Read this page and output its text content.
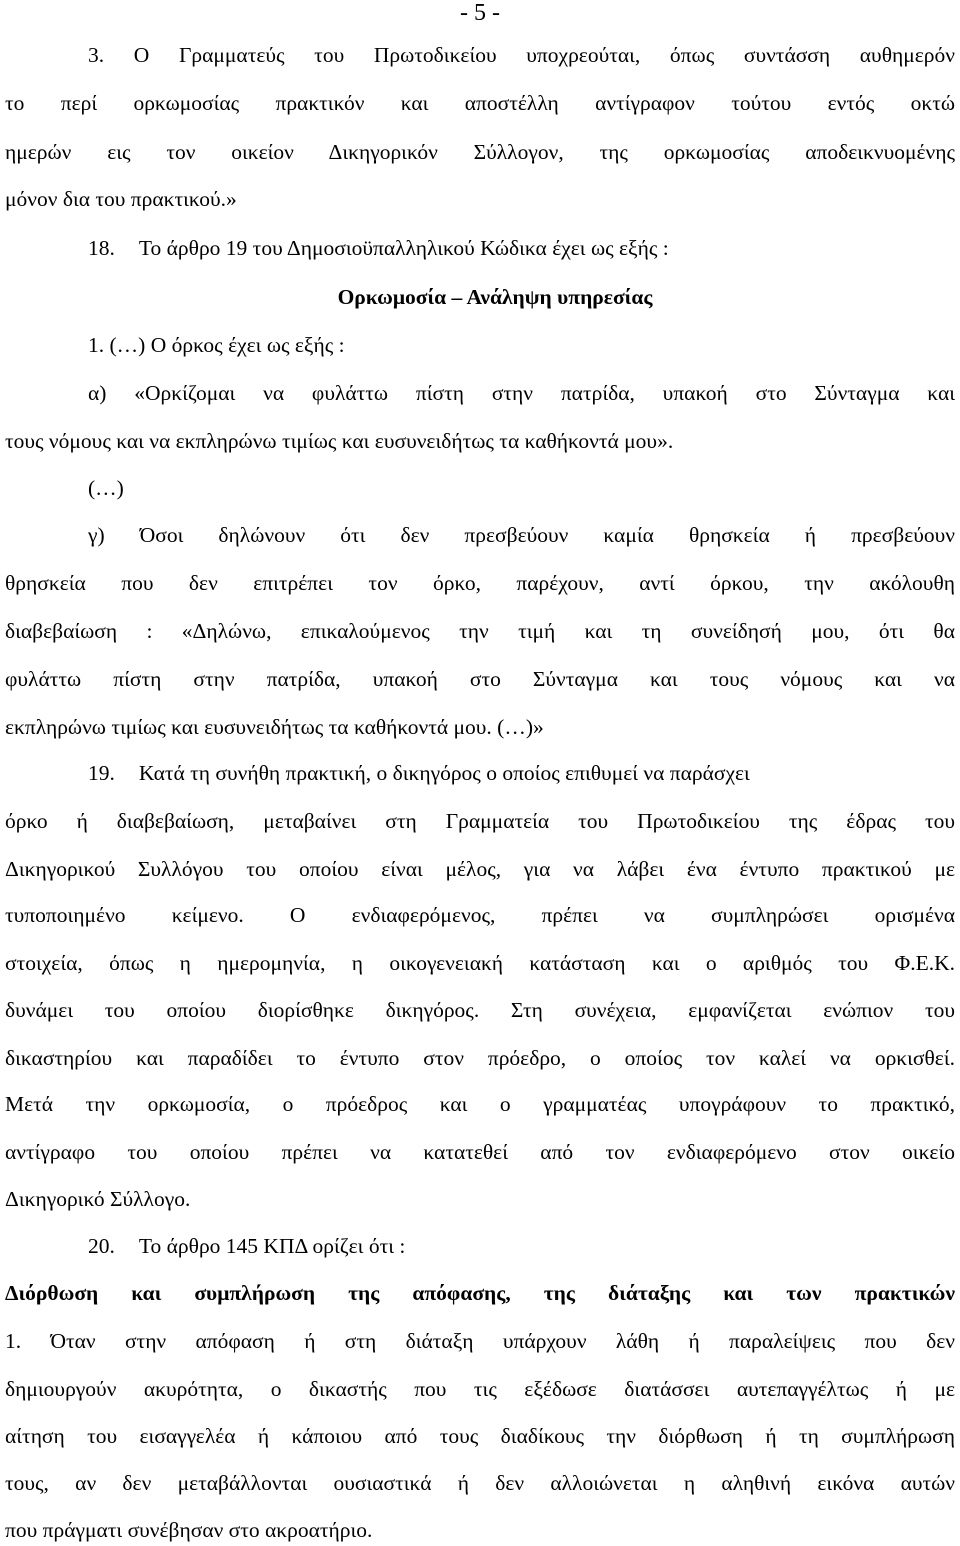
- 5 -
3. Ο Γραμματεύς του Πρωτοδικείου υποχρεούται, όπως συντάσση αυθημερόν
το περί ορκωμοσίας πρακτικόν και αποστέλλη αντίγραφον τούτου εντός οκτώ
ημερών εις τον οικείον Δικηγορικόν Σύλλογον, της ορκωμοσίας αποδεικνυομένης
μόνον δια του πρακτικού.»
18. Το άρθρο 19 του Δημοσιοϋπαλληλικού Κώδικα έχει ως εξής :
Ορκωμοσία – Ανάληψη υπηρεσίας
1. (…) Ο όρκος έχει ως εξής :
α) «Ορκίζομαι να φυλάττω πίστη στην πατρίδα, υπακοή στο Σύνταγμα και
τους νόμους και να εκπληρώνω τιμίως και ευσυνειδήτως τα καθήκοντά μου».
(…)
γ) Όσοι δηλώνουν ότι δεν πρεσβεύουν καμία θρησκεία ή πρεσβεύουν
θρησκεία που δεν επιτρέπει τον όρκο, παρέχουν, αντί όρκου, την ακόλουθη
διαβεβαίωση : «Δηλώνω, επικαλούμενος την τιμή και τη συνείδησή μου, ότι θα
φυλάττω πίστη στην πατρίδα, υπακοή στο Σύνταγμα και τους νόμους και να
εκπληρώνω τιμίως και ευσυνειδήτως τα καθήκοντά μου. (…)»
19. Κατά τη συνήθη πρακτική, ο δικηγόρος ο οποίος επιθυμεί να παράσχει
όρκο ή διαβεβαίωση, μεταβαίνει στη Γραμματεία του Πρωτοδικείου της έδρας του
Δικηγορικού Συλλόγου του οποίου είναι μέλος, για να λάβει ένα έντυπο πρακτικού με
τυποποιημένο κείμενο. Ο ενδιαφερόμενος, πρέπει να συμπληρώσει ορισμένα
στοιχεία, όπως η ημερομηνία, η οικογενειακή κατάσταση και ο αριθμός του Φ.Ε.Κ.
δυνάμει του οποίου διορίσθηκε δικηγόρος. Στη συνέχεια, εμφανίζεται ενώπιον του
δικαστηρίου και παραδίδει το έντυπο στον πρόεδρο, ο οποίος τον καλεί να ορκισθεί.
Μετά την ορκωμοσία, ο πρόεδρος και ο γραμματέας υπογράφουν το πρακτικό,
αντίγραφο του οποίου πρέπει να κατατεθεί από τον ενδιαφερόμενο στον οικείο
Δικηγορικό Σύλλογο.
20. Το άρθρο 145 ΚΠΔ ορίζει ότι :
Διόρθωση και συμπλήρωση της απόφασης, της διάταξης και των πρακτικών
1. Όταν στην απόφαση ή στη διάταξη υπάρχουν λάθη ή παραλείψεις που δεν
δημιουργούν ακυρότητα, ο δικαστής που τις εξέδωσε διατάσσει αυτεπαγγέλτως ή με
αίτηση του εισαγγελέα ή κάποιου από τους διαδίκους την διόρθωση ή τη συμπλήρωση
τους, αν δεν μεταβάλλονται ουσιαστικά ή δεν αλλοιώνεται η αληθινή εικόνα αυτών
που πράγματι συνέβησαν στο ακροατήριο.
